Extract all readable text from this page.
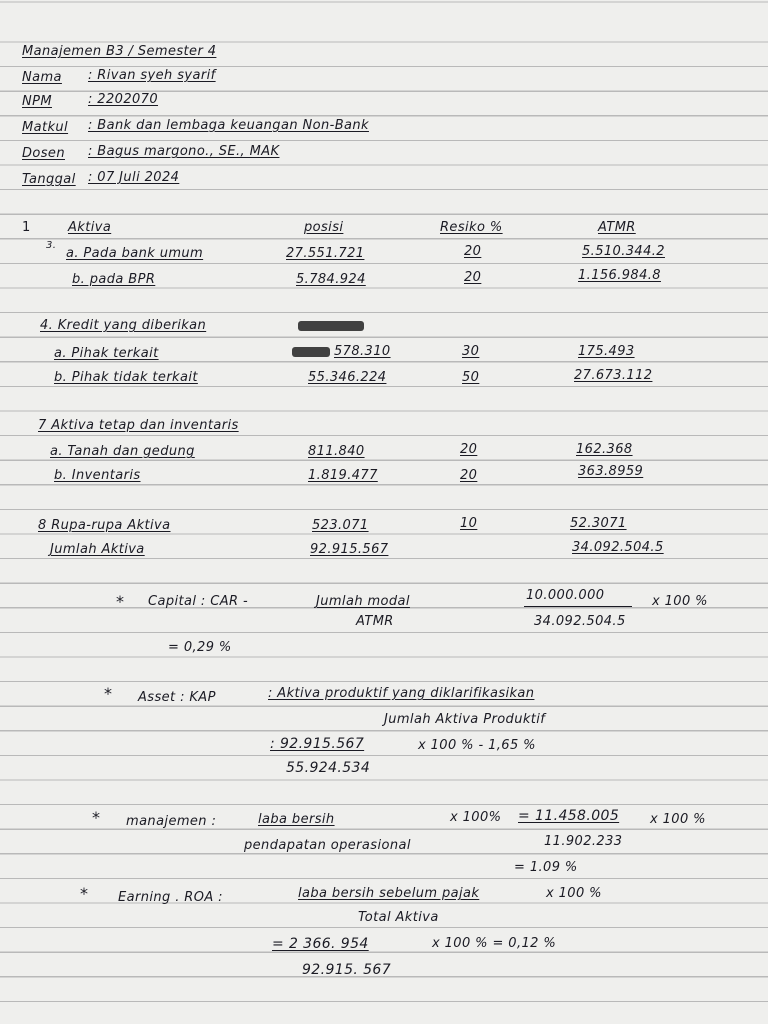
Manajemen B3 / Semester 4
Nama : Rivan syeh syarif
NPM	: 2202070
Matkul : Bank dan lembaga keuangan Non-Bank
Dosen : Bagus margono., SE., MAK
Tanggal : 07 Juli 2024
1	Aktiva	posisi	Resiko %	ATMR
3.
a. Pada bank umum	27.551.721	20	5.510.344.2
b. pada BPR	5.784.924	20	1.156.984.8
4. Kredit yang diberikan
a. Pihak terkait	578.310	30	175.493
b. Pihak tidak terkait	55.346.224	50	27.673.112
7 Aktiva tetap dan inventaris
a. Tanah dan gedung	811.840	20	162.368
b. Inventaris	1.819.477	20	363.8959
8 Rupa-rupa Aktiva	523.071	10	52.3071
Jumlah Aktiva	92.915.567	34.092.504.5
* Capital : CAR -	Jumlah modal
ATMR
10.000.000	x 100 %
34.092.504.5
= 0,29 %
* Asset : KAP	: Aktiva produktif yang diklarifikasikan
Jumlah Aktiva Produktif
: 92.915.567	x 100 % - 1,65 %
55.924.534
* manajemen :	laba bersih	x 100% = 11.458.005 x 100 %
pendapatan operasional	11.902.233
= 1.09 %
* Earning . ROA :	laba bersih sebelum pajak	x 100 %
Total Aktiva
= 2 366. 954	x 100 % = 0,12 %
92.915. 567
